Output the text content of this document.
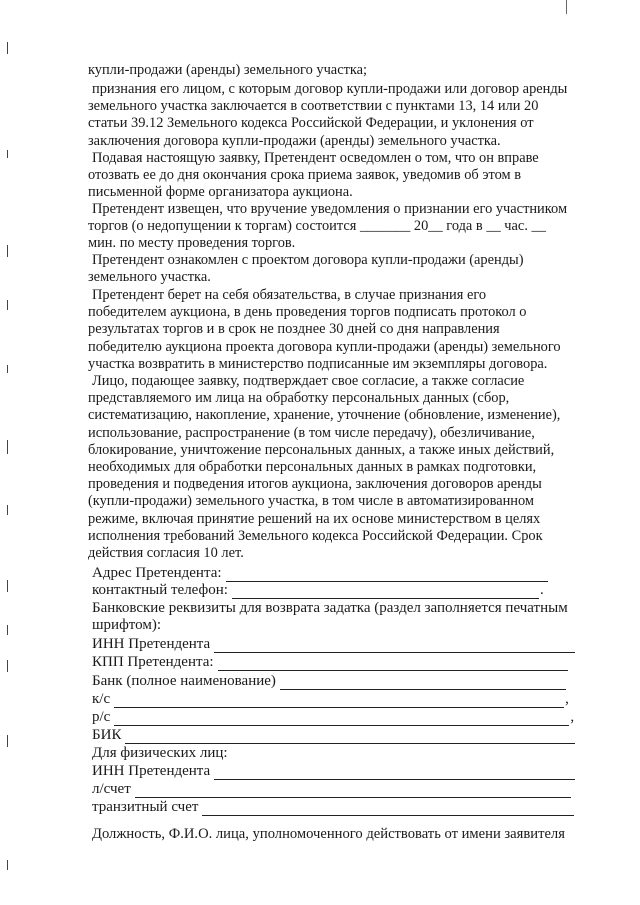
купли-продажи (аренды) земельного участка;
признания его лицом, с которым договор купли-продажи или договор аренды
земельного участка заключается в соответствии с пунктами 13, 14 или 20
статьи 39.12 Земельного кодекса Российской Федерации, и уклонения от
заключения договора купли-продажи (аренды) земельного участка.
Подавая настоящую заявку, Претендент осведомлен о том, что он вправе
отозвать ее до дня окончания срока приема заявок, уведомив об этом в
письменной форме организатора аукциона.
Претендент извещен, что вручение уведомления о признании его участником
торгов (о недопущении к торгам) состоится _______ 20__ года в __ час. __
мин. по месту проведения торгов.
Претендент ознакомлен с проектом договора купли-продажи (аренды)
земельного участка.
Претендент берет на себя обязательства, в случае признания его
победителем аукциона, в день проведения торгов подписать протокол о
результатах торгов и в срок не позднее 30 дней со дня направления
победителю аукциона проекта договора купли-продажи (аренды) земельного
участка возвратить в министерство подписанные им экземпляры договора.
Лицо, подающее заявку, подтверждает свое согласие, а также согласие
представляемого им лица на обработку персональных данных (сбор,
систематизацию, накопление, хранение, уточнение (обновление, изменение),
использование, распространение (в том числе передачу), обезличивание,
блокирование, уничтожение персональных данных, а также иных действий,
необходимых для обработки персональных данных в рамках подготовки,
проведения и подведения итогов аукциона, заключения договоров аренды
(купли-продажи) земельного участка, в том числе в автоматизированном
режиме, включая принятие решений на их основе министерством в целях
исполнения требований Земельного кодекса Российской Федерации. Срок
действия согласия 10 лет.
Адрес Претендента:
контактный телефон:	.
Банковские реквизиты для возврата задатка (раздел заполняется печатным
шрифтом):
ИНН Претендента
КПП Претендента:
Банк (полное наименование)
к/с	,
р/с	,
БИК
Для физических лиц:
ИНН Претендента
л/счет
транзитный счет
Должность, Ф.И.О. лица, уполномоченного действовать от имени заявителя
